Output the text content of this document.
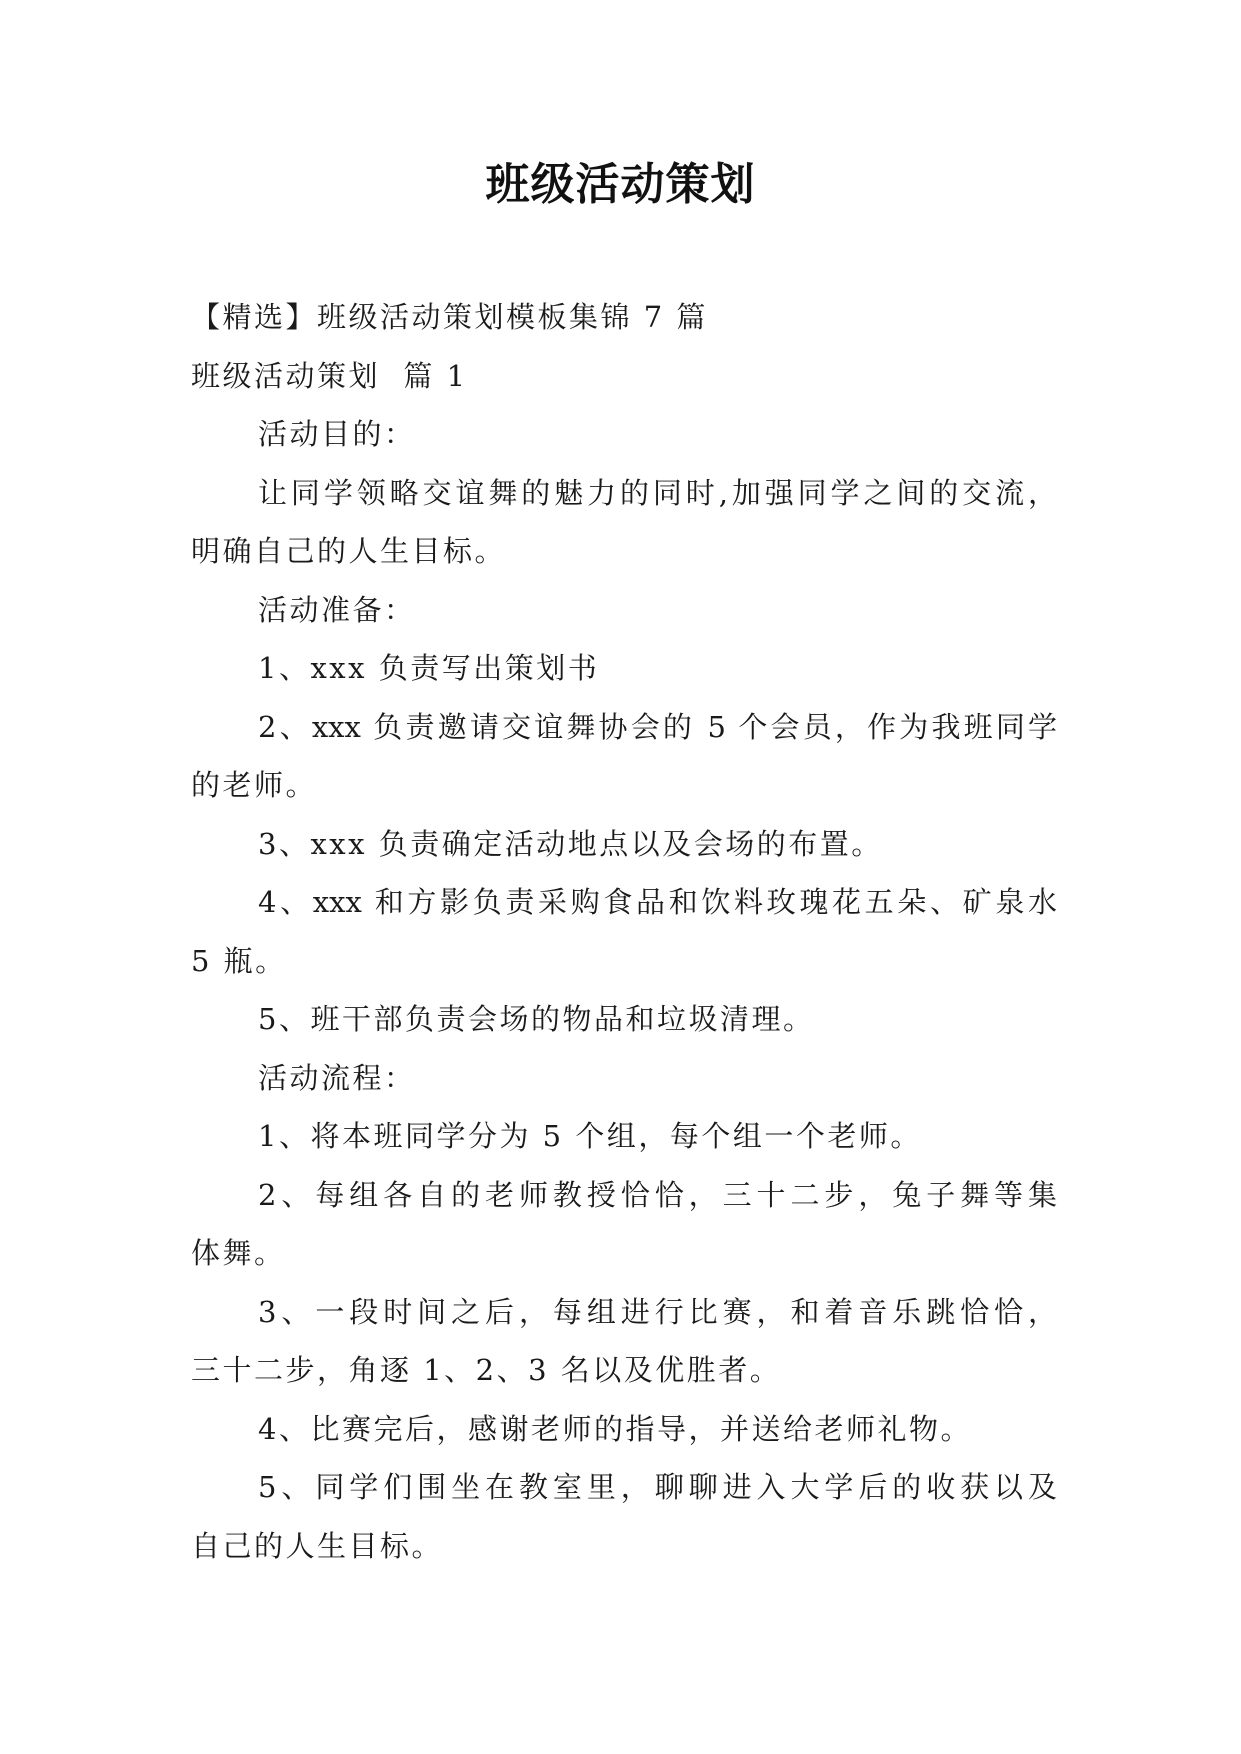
班级活动策划
【精选】班级活动策划模板集锦 7 篇
班级活动策划  篇 1
活动目的：
让同学领略交谊舞的魅力的同时,加强同学之间的交流，
明确自己的人生目标。
活动准备：
1、xxx 负责写出策划书
2、xxx 负责邀请交谊舞协会的 5 个会员，作为我班同学
的老师。
3、xxx 负责确定活动地点以及会场的布置。
4、xxx 和方影负责采购食品和饮料玫瑰花五朵、矿泉水
5 瓶。
5、班干部负责会场的物品和垃圾清理。
活动流程：
1、将本班同学分为 5 个组，每个组一个老师。
2、每组各自的老师教授恰恰，三十二步，兔子舞等集
体舞。
3、一段时间之后，每组进行比赛，和着音乐跳恰恰，
三十二步，角逐 1、2、3 名以及优胜者。
4、比赛完后，感谢老师的指导，并送给老师礼物。
5、同学们围坐在教室里，聊聊进入大学后的收获以及
自己的人生目标。
